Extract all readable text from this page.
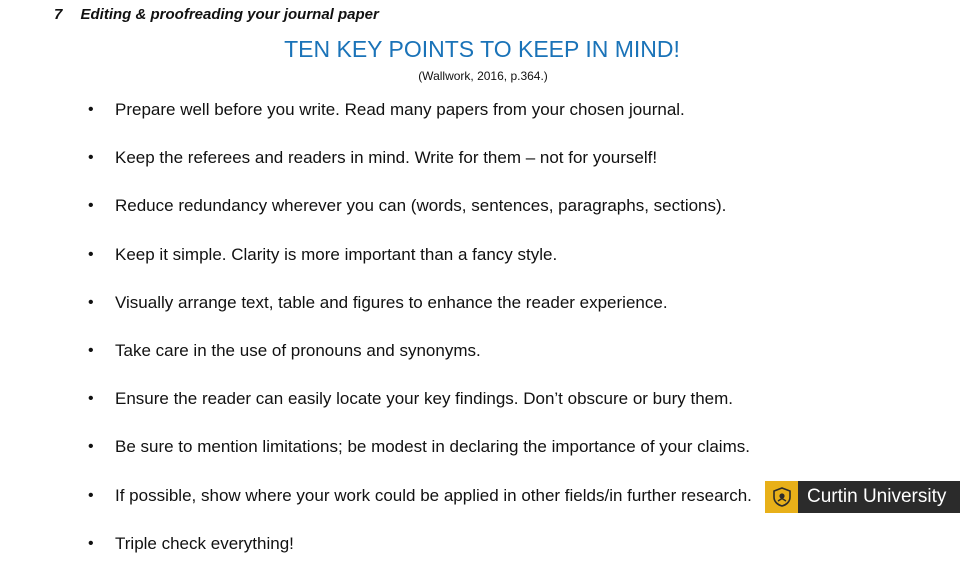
7 Editing & proofreading your journal paper
TEN KEY POINTS TO KEEP IN MIND!
(Wallwork, 2016, p.364.)
•	Prepare well before you write. Read many papers from your chosen journal.
•	Keep the referees and readers in mind. Write for them – not for yourself!
•	Reduce redundancy wherever you can (words, sentences, paragraphs, sections).
•	Keep it simple. Clarity is more important than a fancy style.
•	Visually arrange text, table and figures to enhance the reader experience.
•	Take care in the use of pronouns and synonyms.
•	Ensure the reader can easily locate your key findings. Don’t obscure or bury them.
•	Be sure to mention limitations; be modest in declaring the importance of your claims.
•	If possible, show where your work could be applied in other fields/in further research.
•	Triple check everything!
Curtin University
